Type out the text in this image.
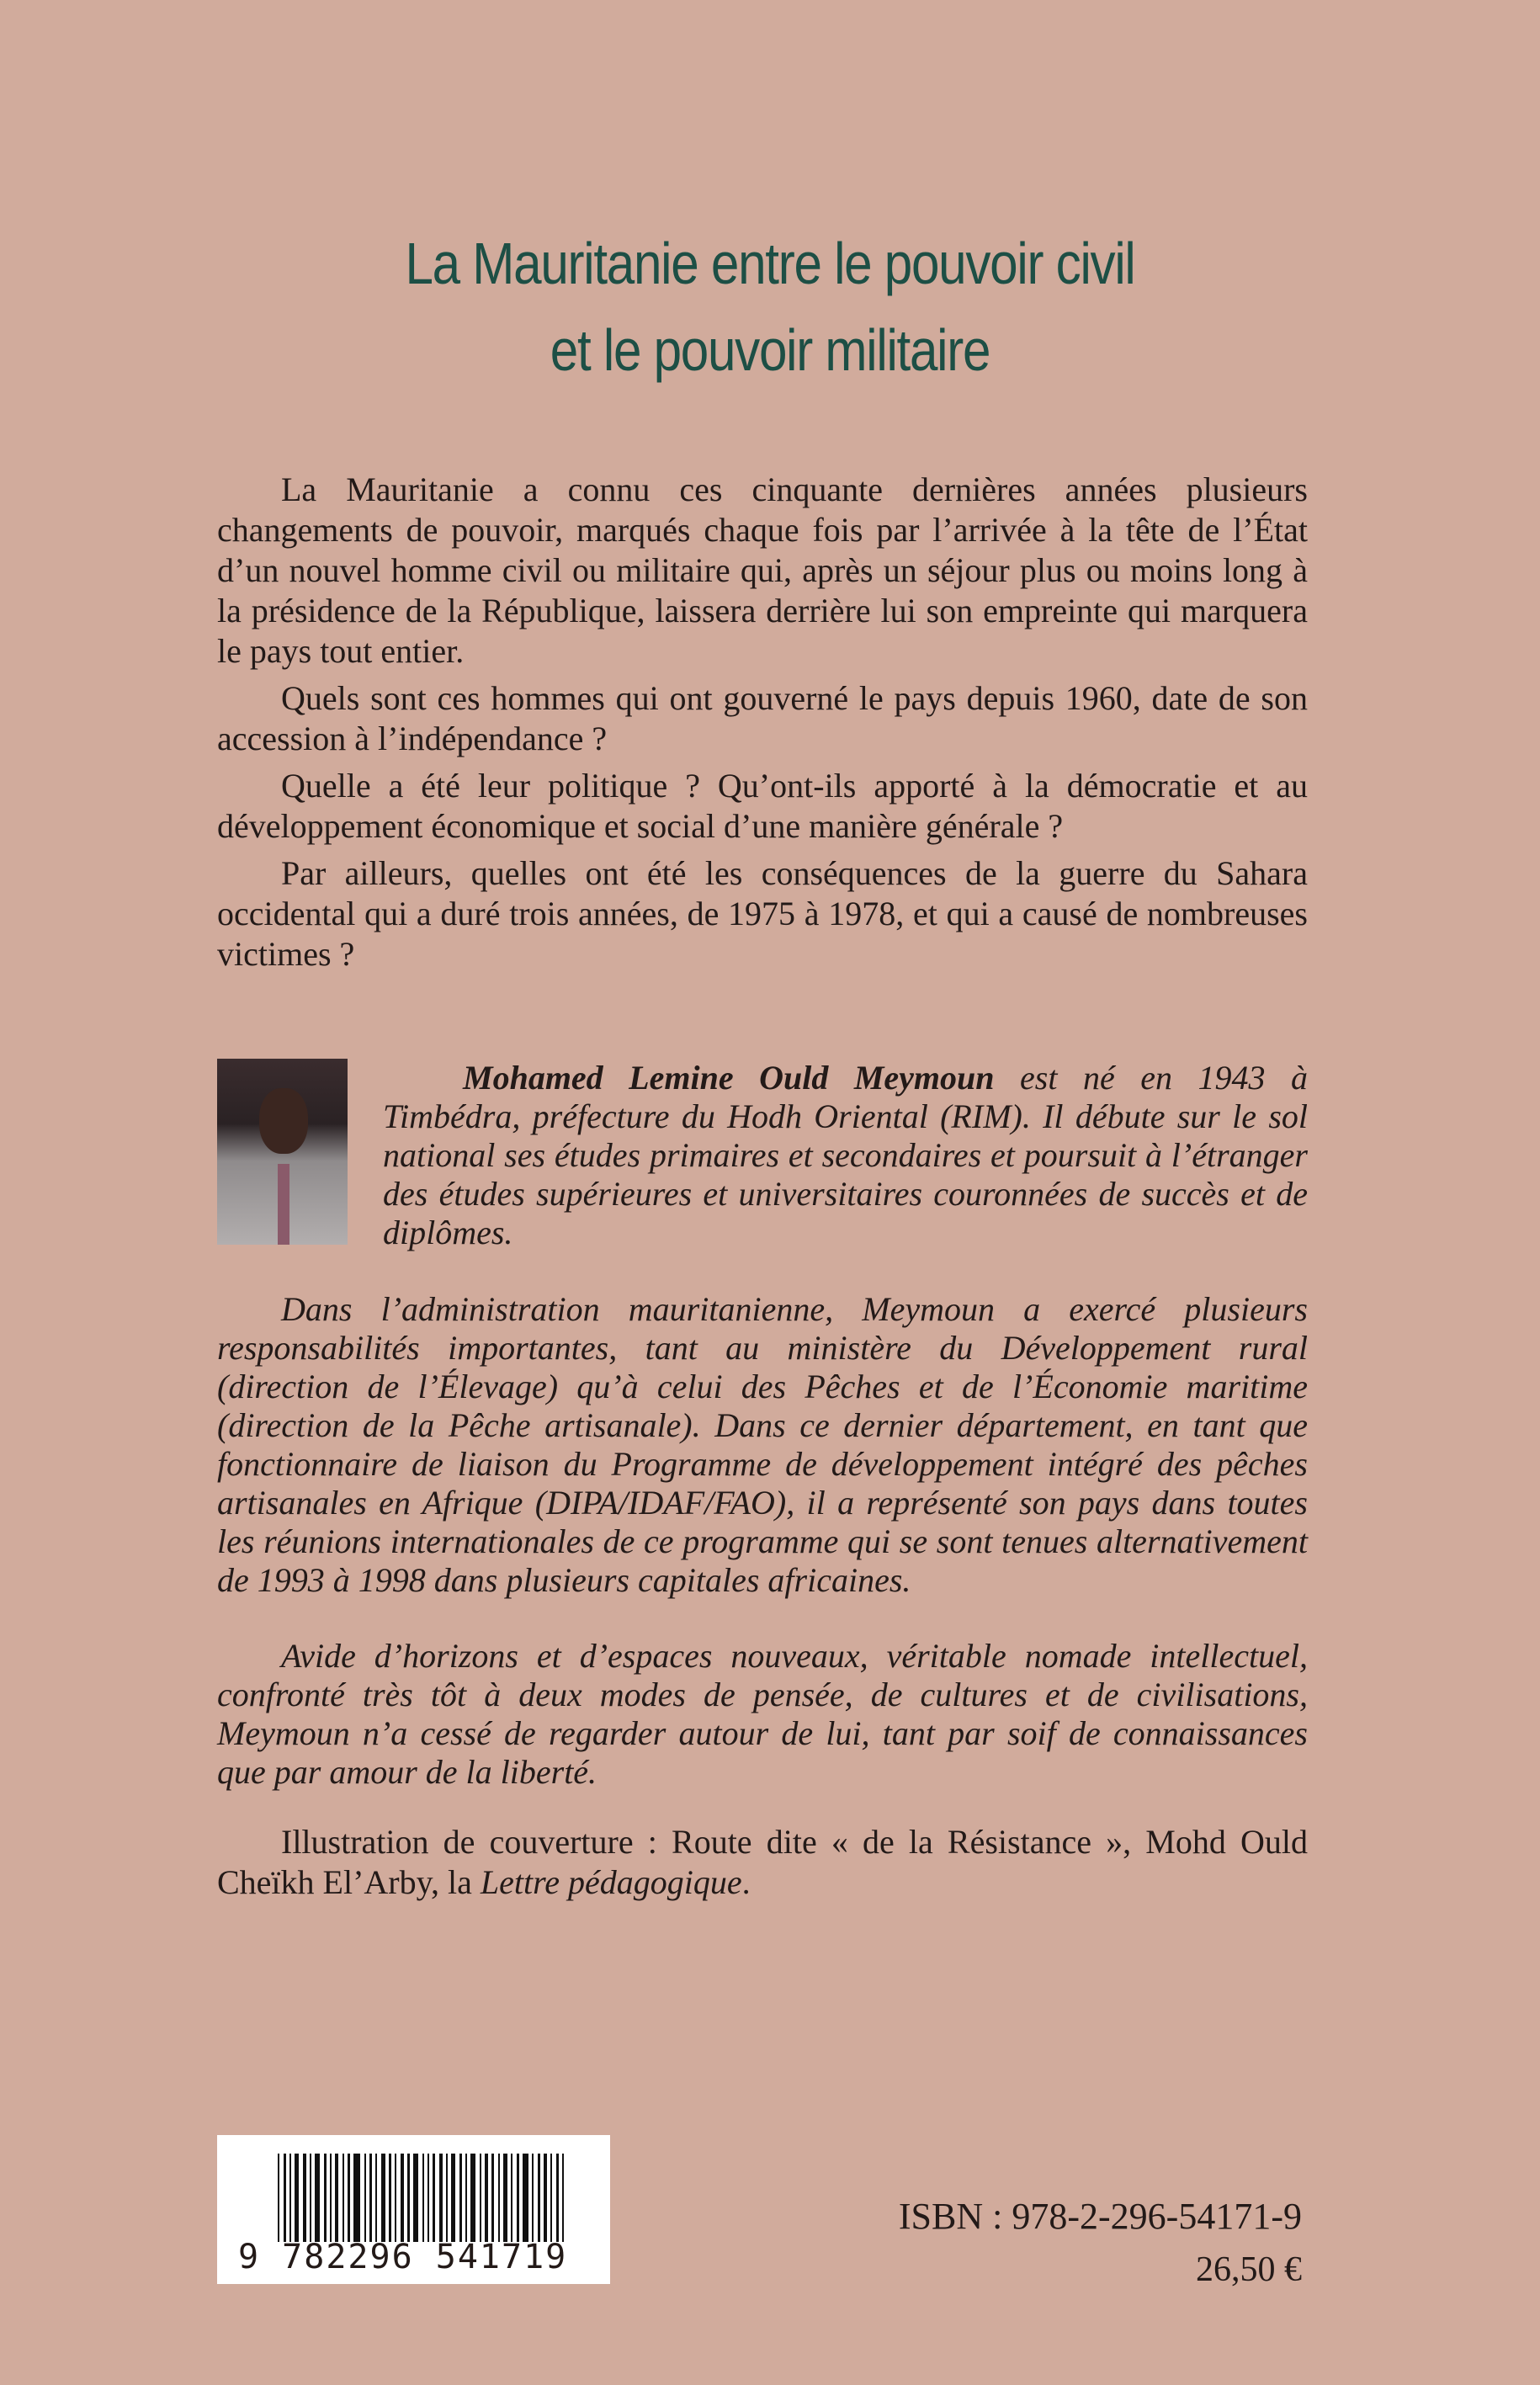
La Mauritanie entre le pouvoir civil
et le pouvoir militaire

La Mauritanie a connu ces cinquante dernières années plusieurs changements de pouvoir, marqués chaque fois par l’arrivée à la tête de l’État d’un nouvel homme civil ou militaire qui, après un séjour plus ou moins long à la présidence de la République, laissera derrière lui son empreinte qui marquera le pays tout entier.

Quels sont ces hommes qui ont gouverné le pays depuis 1960, date de son accession à l’indépendance ?

Quelle a été leur politique ? Qu’ont-ils apporté à la démocratie et au développement économique et social d’une manière générale ?

Par ailleurs, quelles ont été les conséquences de la guerre du Sahara occidental qui a duré trois années, de 1975 à 1978, et qui a causé de nombreuses victimes ?

Mohamed Lemine Ould Meymoun est né en 1943 à Timbédra, préfecture du Hodh Oriental (RIM). Il débute sur le sol national ses études primaires et secondaires et poursuit à l’étranger des études supérieures et universitaires couronnées de succès et de diplômes.

Dans l’administration mauritanienne, Meymoun a exercé plusieurs responsabilités importantes, tant au ministère du Développement rural (direction de l’Élevage) qu’à celui des Pêches et de l’Économie maritime (direction de la Pêche artisanale). Dans ce dernier département, en tant que fonctionnaire de liaison du Programme de développement intégré des pêches artisanales en Afrique (DIPA/IDAF/FAO), il a représenté son pays dans toutes les réunions internationales de ce programme qui se sont tenues alternativement de 1993 à 1998 dans plusieurs capitales africaines.

Avide d’horizons et d’espaces nouveaux, véritable nomade intellectuel, confronté très tôt à deux modes de pensée, de cultures et de civilisations, Meymoun n’a cessé de regarder autour de lui, tant par soif de connaissances que par amour de la liberté.

Illustration de couverture : Route dite « de la Résistance », Mohd Ould Cheïkh El’Arby, la Lettre pédagogique.

9 782296 541719
ISBN : 978-2-296-54171-9
26,50 €
